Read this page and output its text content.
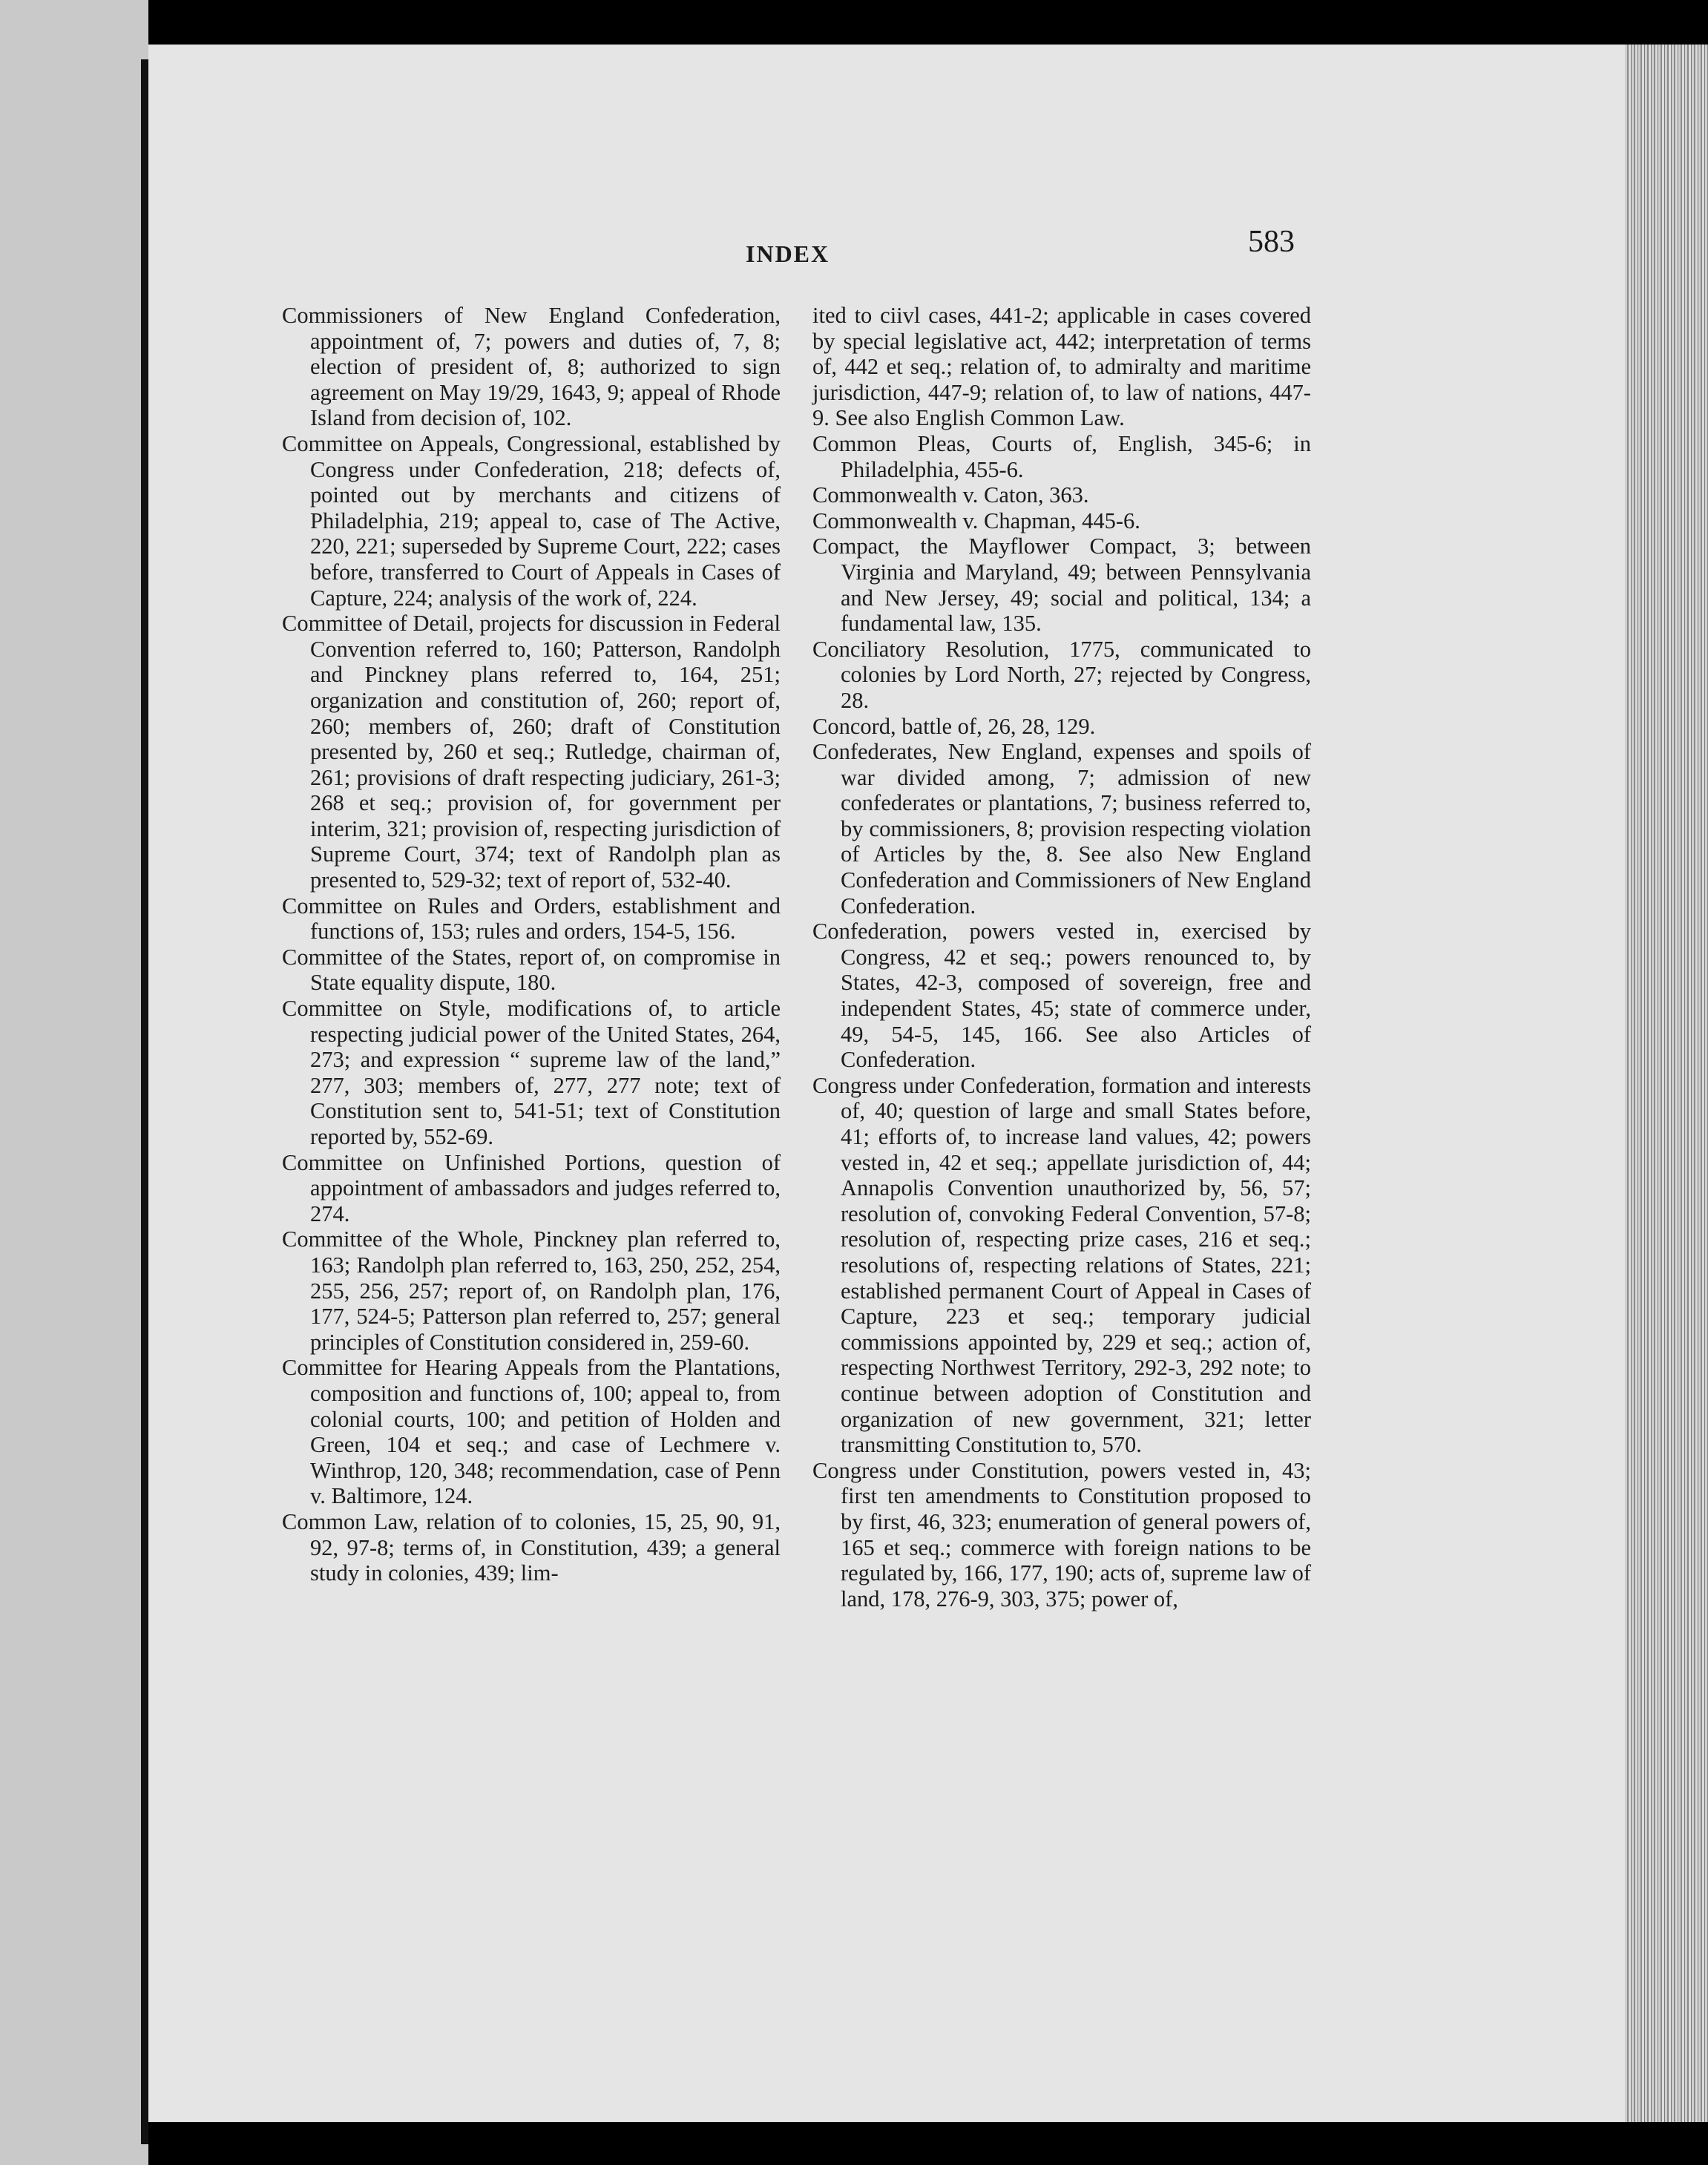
INDEX	583

Commissioners of New England Confederation, appointment of, 7; powers and duties of, 7, 8; election of president of, 8; authorized to sign agreement on May 19/29, 1643, 9; appeal of Rhode Island from decision of, 102.

Committee on Appeals, Congressional, established by Congress under Confederation, 218; defects of, pointed out by merchants and citizens of Philadelphia, 219; appeal to, case of The Active, 220, 221; superseded by Supreme Court, 222; cases before, transferred to Court of Appeals in Cases of Capture, 224; analysis of the work of, 224.

Committee of Detail, projects for discussion in Federal Convention referred to, 160; Patterson, Randolph and Pinckney plans referred to, 164, 251; organization and constitution of, 260; report of, 260; members of, 260; draft of Constitution presented by, 260 et seq.; Rutledge, chairman of, 261; provisions of draft respecting judiciary, 261-3; 268 et seq.; provision of, for government per interim, 321; provision of, respecting jurisdiction of Supreme Court, 374; text of Randolph plan as presented to, 529-32; text of report of, 532-40.

Committee on Rules and Orders, establishment and functions of, 153; rules and orders, 154-5, 156.

Committee of the States, report of, on compromise in State equality dispute, 180.

Committee on Style, modifications of, to article respecting judicial power of the United States, 264, 273; and expression “ supreme law of the land,” 277, 303; members of, 277, 277 note; text of Constitution sent to, 541-51; text of Constitution reported by, 552-69.

Committee on Unfinished Portions, question of appointment of ambassadors and judges referred to, 274.

Committee of the Whole, Pinckney plan referred to, 163; Randolph plan referred to, 163, 250, 252, 254, 255, 256, 257; report of, on Randolph plan, 176, 177, 524-5; Patterson plan referred to, 257; general principles of Constitution considered in, 259-60.

Committee for Hearing Appeals from the Plantations, composition and functions of, 100; appeal to, from colonial courts, 100; and petition of Holden and Green, 104 et seq.; and case of Lechmere v. Winthrop, 120, 348; recommendation, case of Penn v. Baltimore, 124.

Common Law, relation of to colonies, 15, 25, 90, 91, 92, 97-8; terms of, in Constitution, 439; a general study in colonies, 439; lim-

ited to ciivl cases, 441-2; applicable in cases covered by special legislative act, 442; interpretation of terms of, 442 et seq.; relation of, to admiralty and maritime jurisdiction, 447-9; relation of, to law of nations, 447-9. See also English Common Law.

Common Pleas, Courts of, English, 345-6; in Philadelphia, 455-6.

Commonwealth v. Caton, 363.

Commonwealth v. Chapman, 445-6.

Compact, the Mayflower Compact, 3; between Virginia and Maryland, 49; between Pennsylvania and New Jersey, 49; social and political, 134; a fundamental law, 135.

Conciliatory Resolution, 1775, communicated to colonies by Lord North, 27; rejected by Congress, 28.

Concord, battle of, 26, 28, 129.

Confederates, New England, expenses and spoils of war divided among, 7; admission of new confederates or plantations, 7; business referred to, by commissioners, 8; provision respecting violation of Articles by the, 8. See also New England Confederation and Commissioners of New England Confederation.

Confederation, powers vested in, exercised by Congress, 42 et seq.; powers renounced to, by States, 42-3, composed of sovereign, free and independent States, 45; state of commerce under, 49, 54-5, 145, 166. See also Articles of Confederation.

Congress under Confederation, formation and interests of, 40; question of large and small States before, 41; efforts of, to increase land values, 42; powers vested in, 42 et seq.; appellate jurisdiction of, 44; Annapolis Convention unauthorized by, 56, 57; resolution of, convoking Federal Convention, 57-8; resolution of, respecting prize cases, 216 et seq.; resolutions of, respecting relations of States, 221; established permanent Court of Appeal in Cases of Capture, 223 et seq.; temporary judicial commissions appointed by, 229 et seq.; action of, respecting Northwest Territory, 292-3, 292 note; to continue between adoption of Constitution and organization of new government, 321; letter transmitting Constitution to, 570.

Congress under Constitution, powers vested in, 43; first ten amendments to Constitution proposed to by first, 46, 323; enumeration of general powers of, 165 et seq.; commerce with foreign nations to be regulated by, 166, 177, 190; acts of, supreme law of land, 178, 276-9, 303, 375; power of,
